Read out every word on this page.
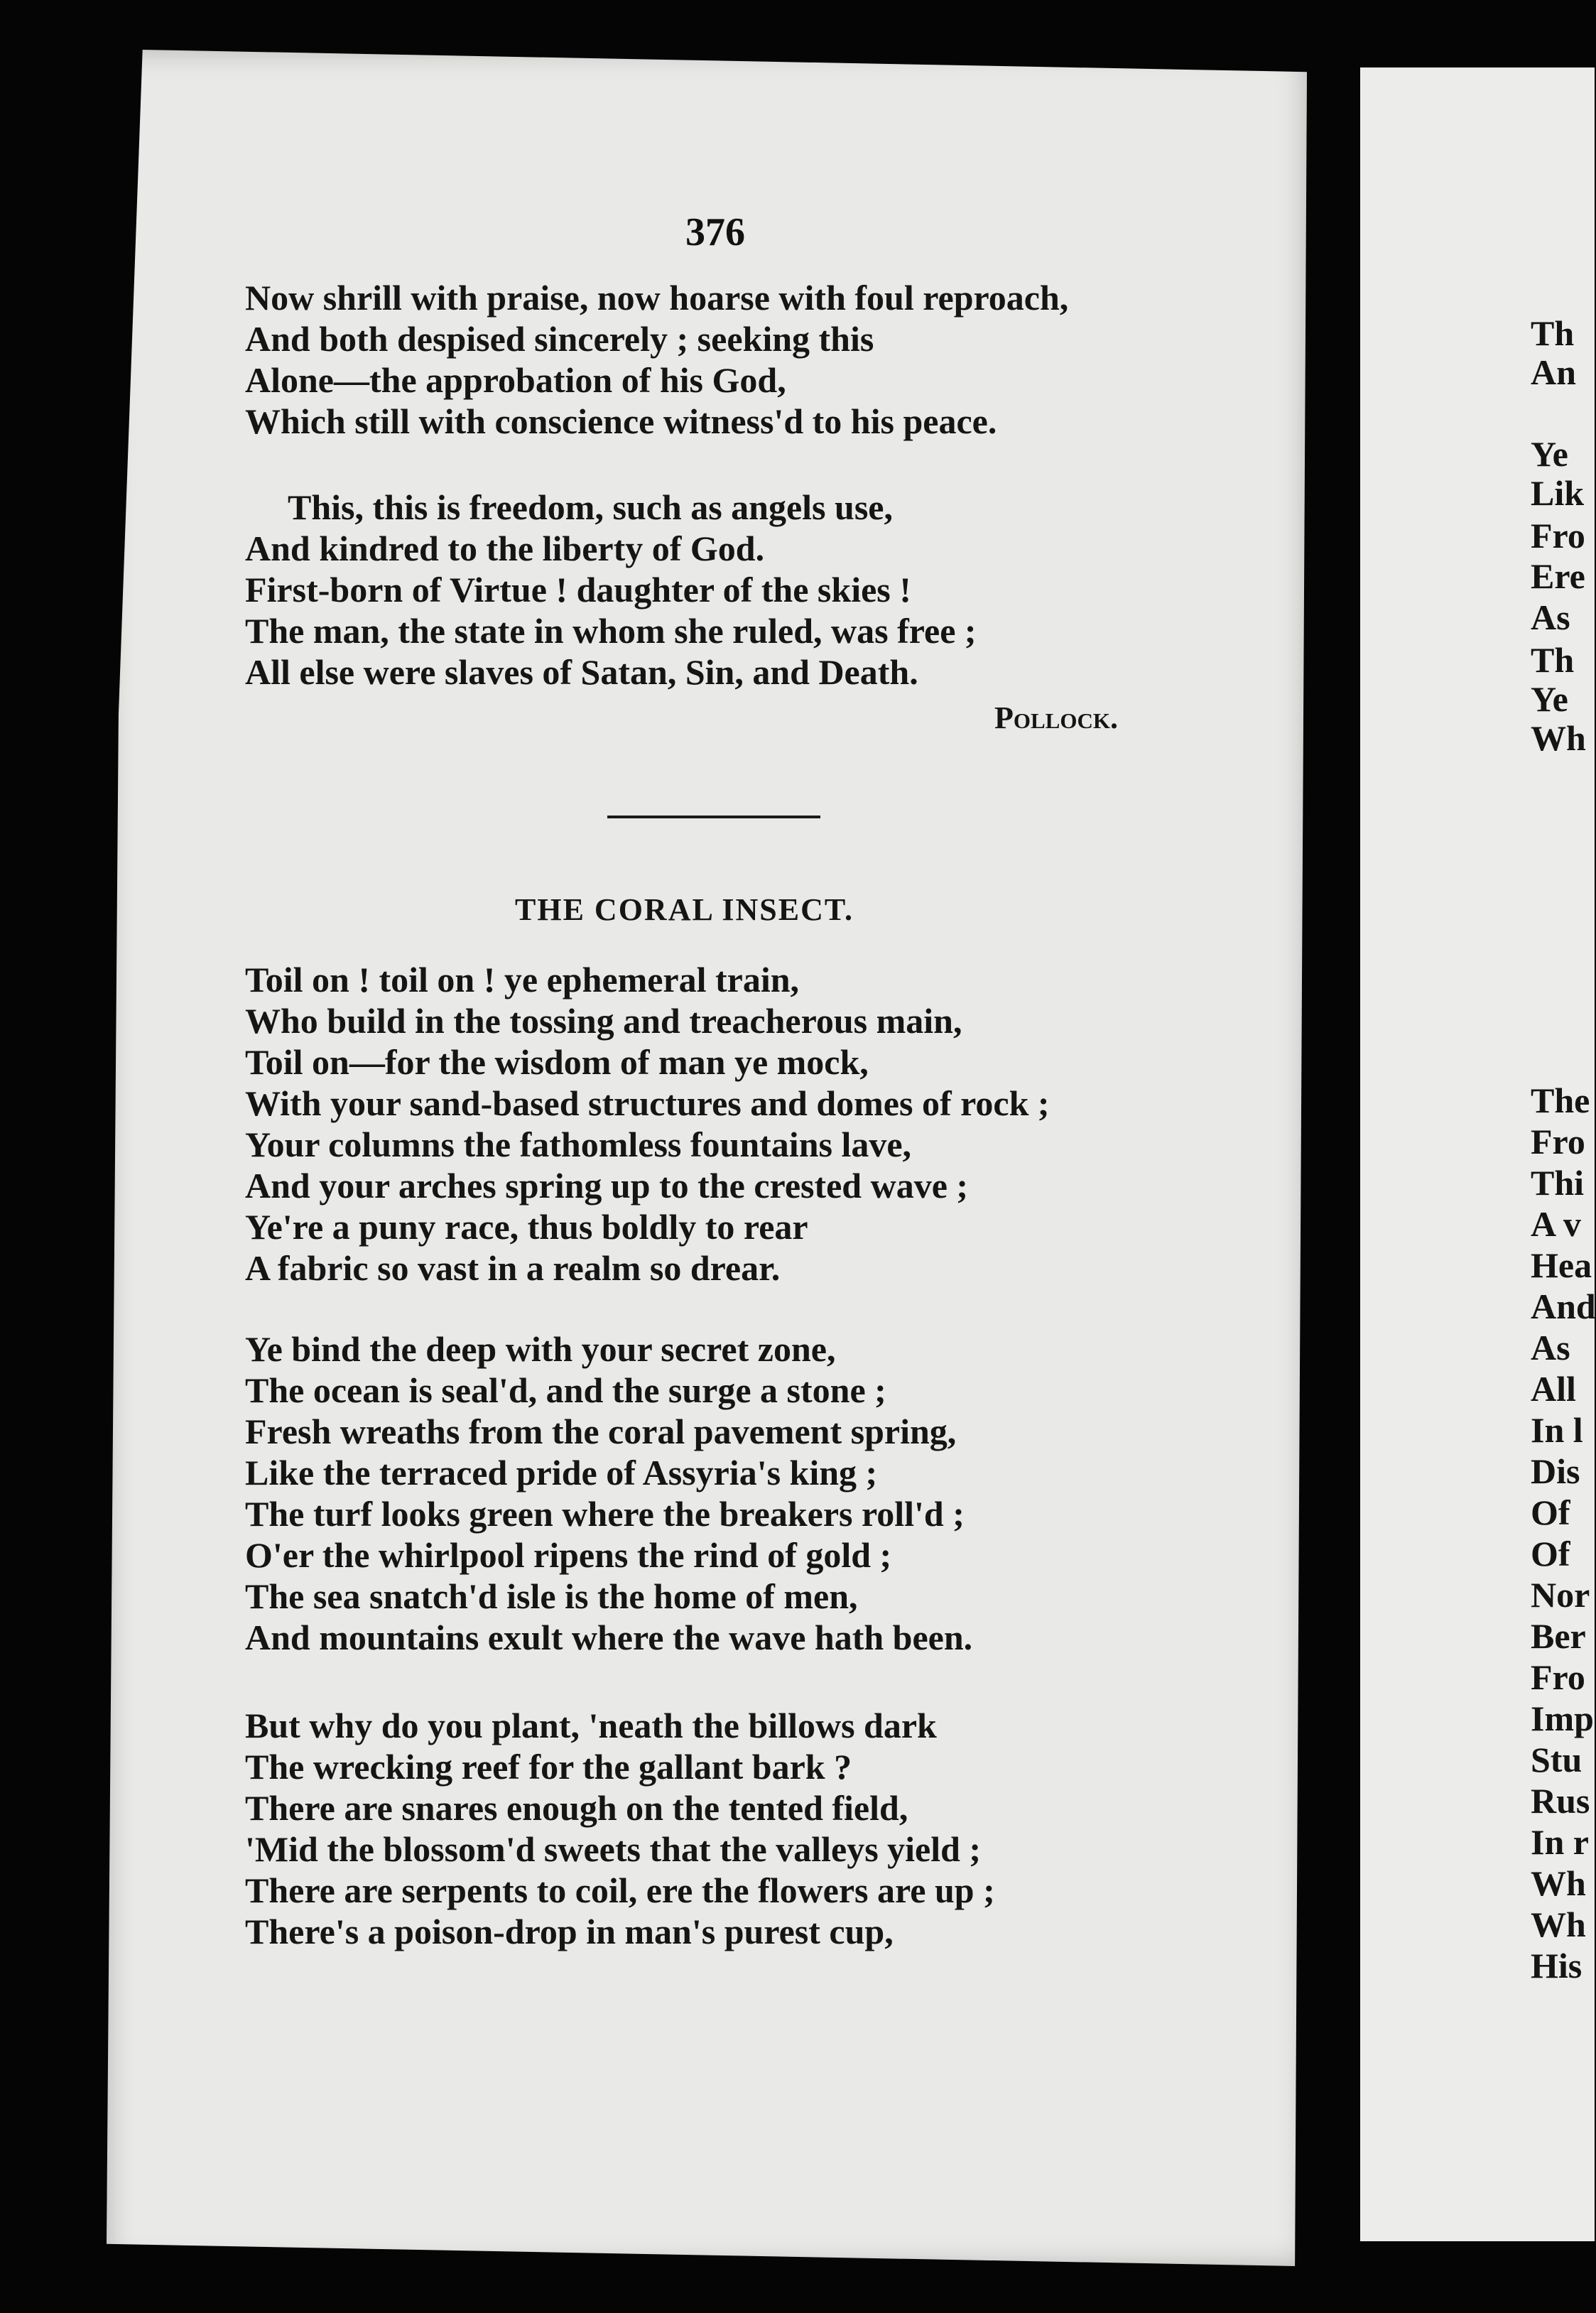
376
Now shrill with praise, now hoarse with foul reproach,
And both despised sincerely ; seeking this
Alone—the approbation of his God,
Which still with conscience witness'd to his peace.
This, this is freedom, such as angels use,
And kindred to the liberty of God.
First-born of Virtue ! daughter of the skies !
The man, the state in whom she ruled, was free ;
All else were slaves of Satan, Sin, and Death.
Pollock.
THE CORAL INSECT.
Toil on ! toil on ! ye ephemeral train,
Who build in the tossing and treacherous main,
Toil on—for the wisdom of man ye mock,
With your sand-based structures and domes of rock ;
Your columns the fathomless fountains lave,
And your arches spring up to the crested wave ;
Ye're a puny race, thus boldly to rear
A fabric so vast in a realm so drear.
Ye bind the deep with your secret zone,
The ocean is seal'd, and the surge a stone ;
Fresh wreaths from the coral pavement spring,
Like the terraced pride of Assyria's king ;
The turf looks green where the breakers roll'd ;
O'er the whirlpool ripens the rind of gold ;
The sea snatch'd isle is the home of men,
And mountains exult where the wave hath been.
But why do you plant, 'neath the billows dark
The wrecking reef for the gallant bark ?
There are snares enough on the tented field,
'Mid the blossom'd sweets that the valleys yield ;
There are serpents to coil, ere the flowers are up ;
There's a poison-drop in man's purest cup,
Th
An
Ye
Lik
Fro
Ere
As
Th
Ye
Wh
The
Fro
Thi
A v
Hea
And
As
All
In l
Dis
Of
Of
Nor
Ber
Fro
Imp
Stu
Rus
In r
Wh
Wh
His
